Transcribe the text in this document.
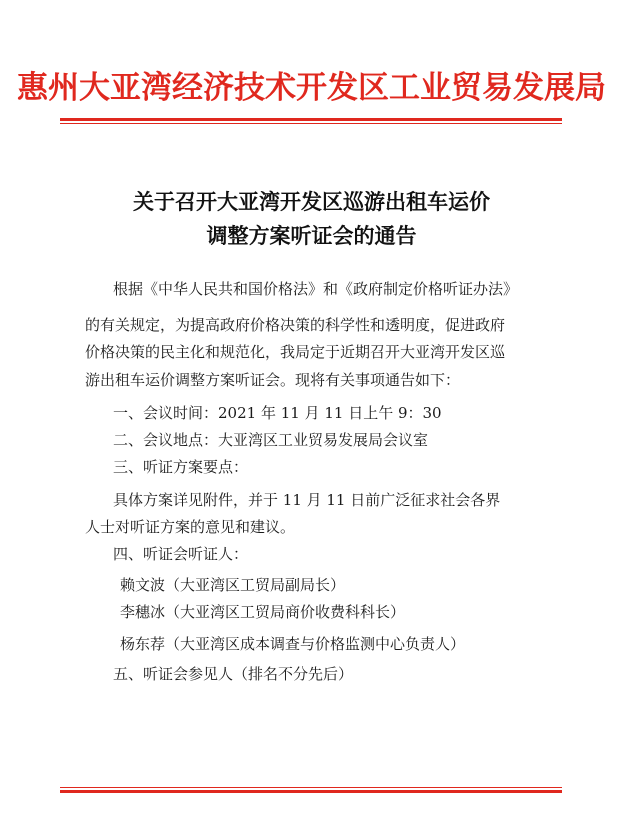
惠州大亚湾经济技术开发区工业贸易发展局
关于召开大亚湾开发区巡游出租车运价
调整方案听证会的通告
根据《中华人民共和国价格法》和《政府制定价格听证办法》
的有关规定，为提高政府价格决策的科学性和透明度，促进政府
价格决策的民主化和规范化，我局定于近期召开大亚湾开发区巡
游出租车运价调整方案听证会。现将有关事项通告如下：
一、会议时间：2021 年 11 月 11 日上午 9：30
二、会议地点：大亚湾区工业贸易发展局会议室
三、听证方案要点：
具体方案详见附件，并于 11 月 11 日前广泛征求社会各界
人士对听证方案的意见和建议。
四、听证会听证人：
赖文波（大亚湾区工贸局副局长）
李穗冰（大亚湾区工贸局商价收费科科长）
杨东荐（大亚湾区成本调查与价格监测中心负责人）
五、听证会参见人（排名不分先后）
